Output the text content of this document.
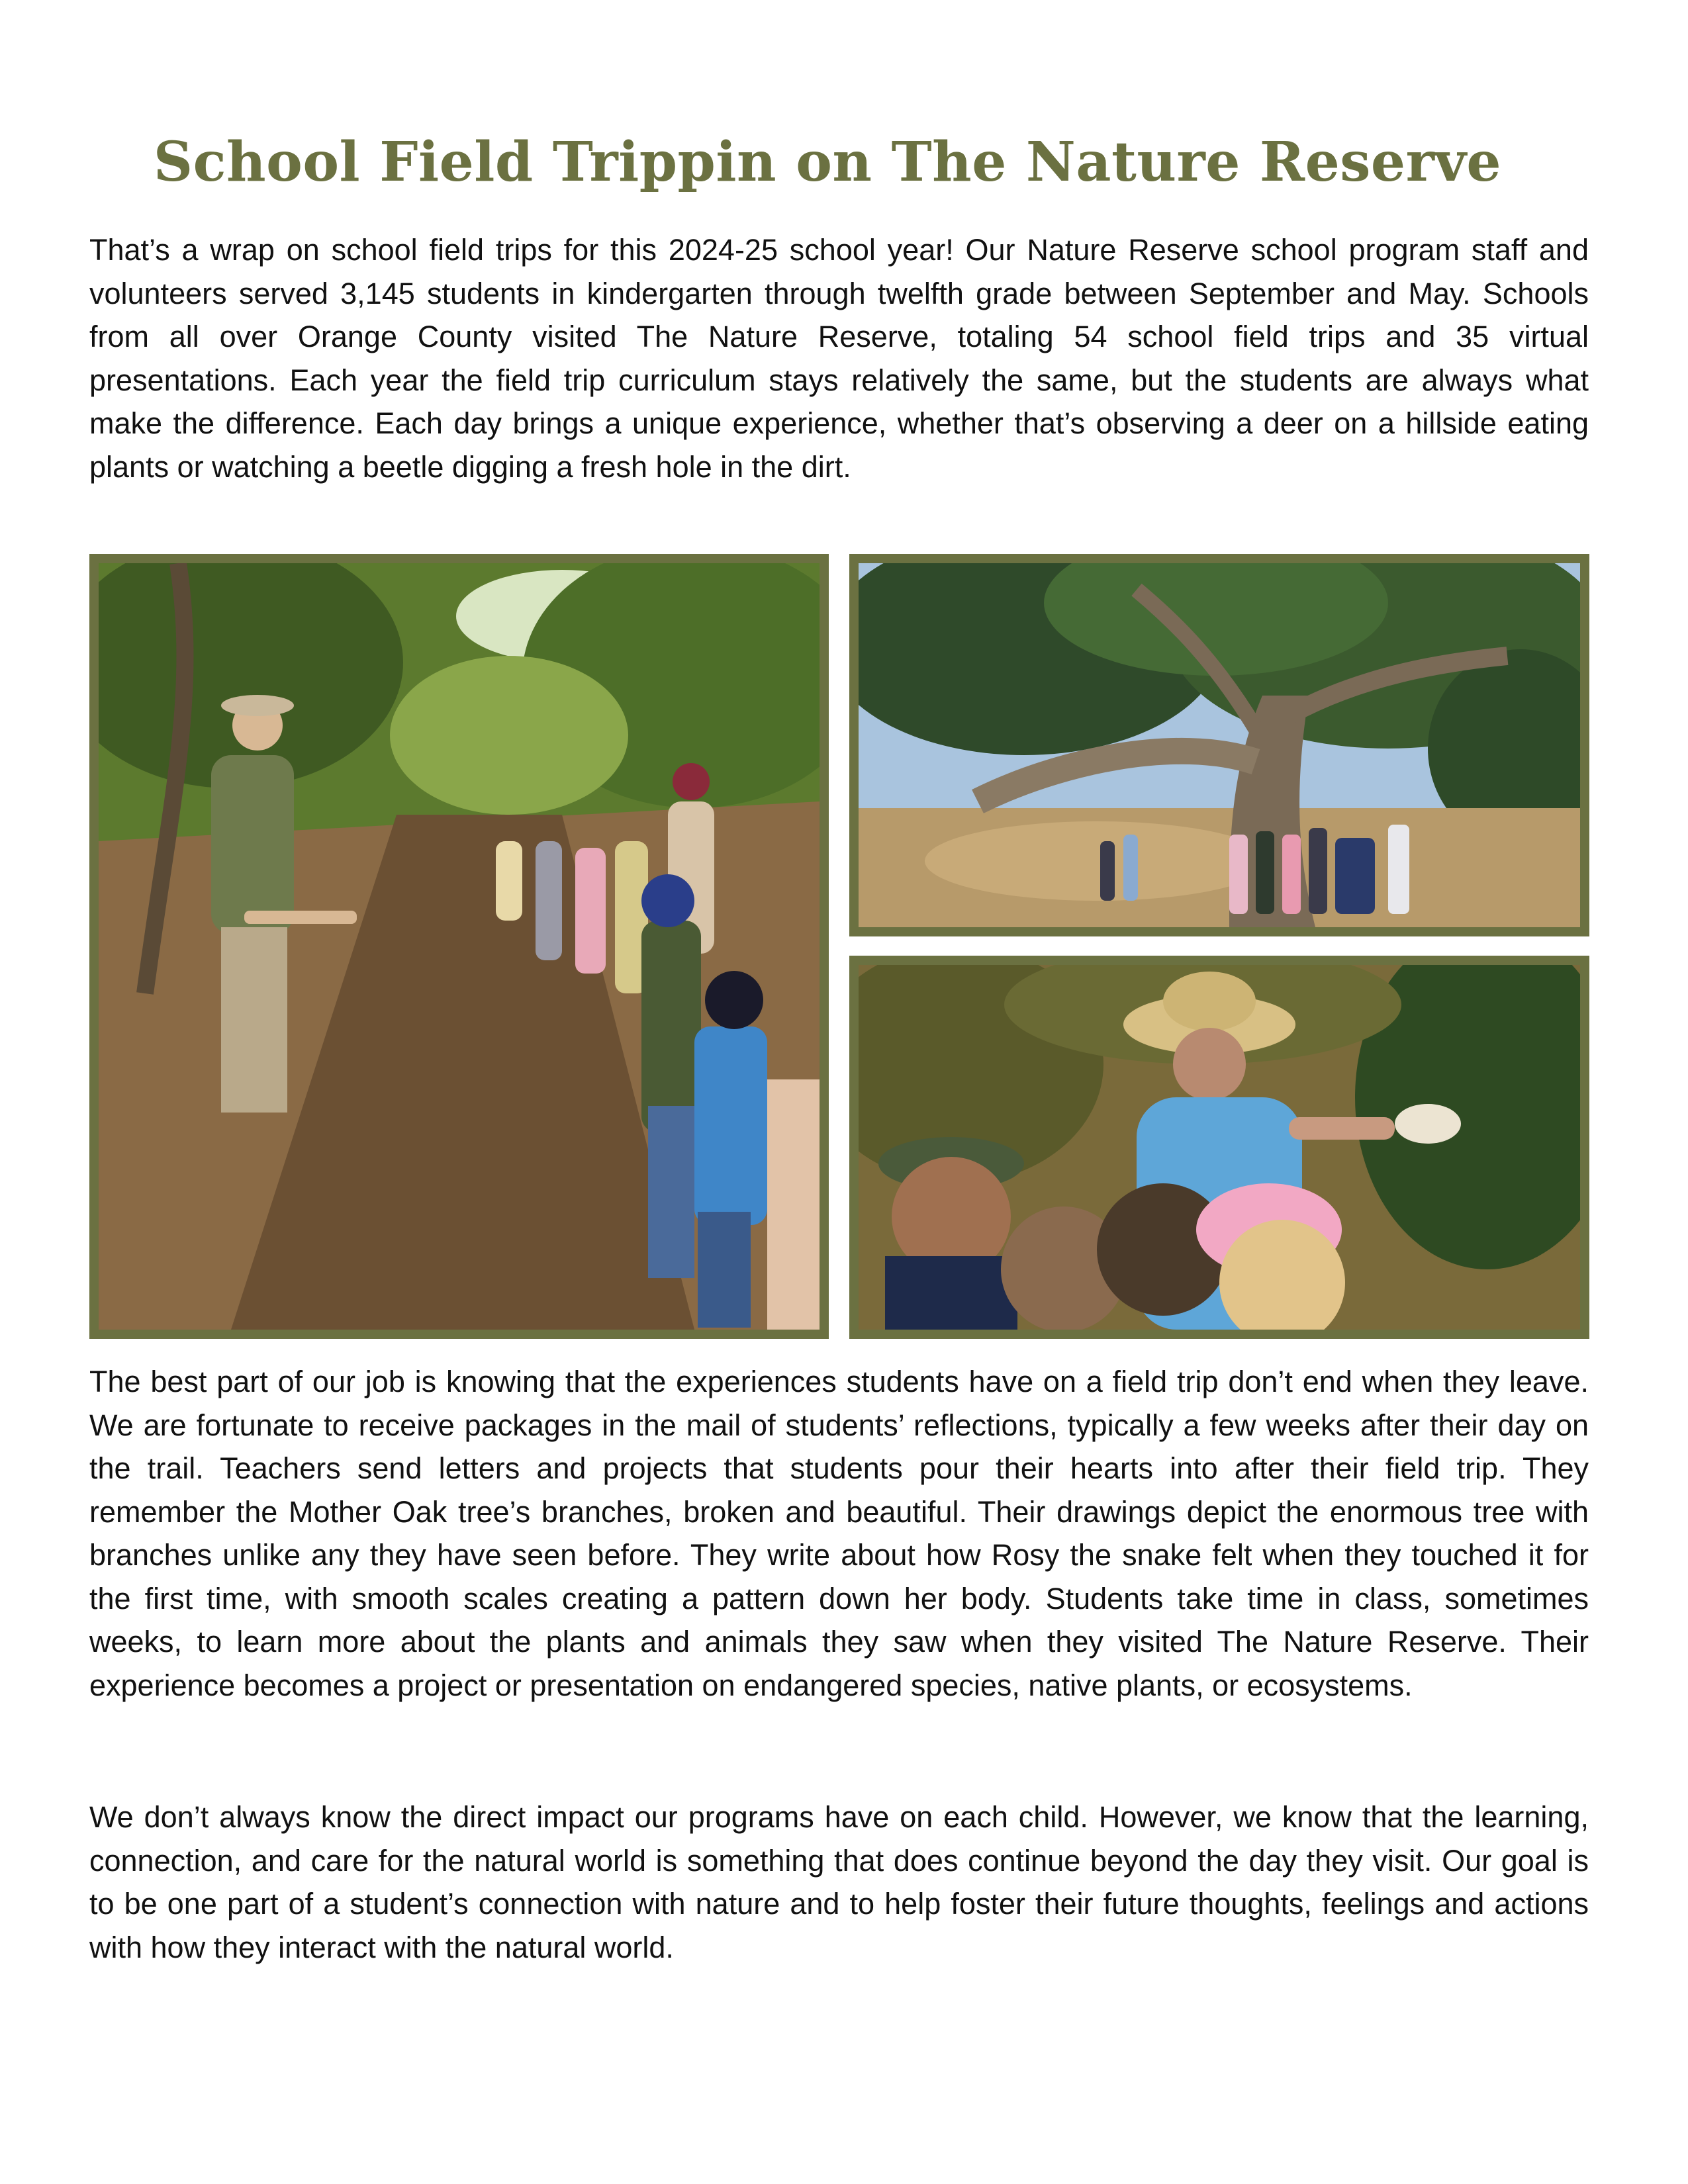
School Field Trippin on The Nature Reserve

That’s a wrap on school field trips for this 2024-25 school year! Our Nature Reserve school program staff and volunteers served 3,145 students in kindergarten through twelfth grade between September and May. Schools from all over Orange County visited The Nature Reserve, totaling 54 school field trips and 35 virtual presentations. Each year the field trip curriculum stays relatively the same, but the students are always what make the difference. Each day brings a unique experience, whether that’s observing a deer on a hillside eating plants or watching a beetle digging a fresh hole in the dirt.

The best part of our job is knowing that the experiences students have on a field trip don’t end when they leave. We are fortunate to receive packages in the mail of students’ reflections, typically a few weeks after their day on the trail. Teachers send letters and projects that students pour their hearts into after their field trip. They remember the Mother Oak tree’s branches, broken and beautiful. Their drawings depict the enormous tree with branches unlike any they have seen before. They write about how Rosy the snake felt when they touched it for the first time, with smooth scales creating a pattern down her body. Students take time in class, sometimes weeks, to learn more about the plants and animals they saw when they visited The Nature Reserve. Their experience becomes a project or presentation on endangered species, native plants, or ecosystems.

We don’t always know the direct impact our programs have on each child. However, we know that the learning, connection, and care for the natural world is something that does continue beyond the day they visit. Our goal is to be one part of a student’s connection with nature and to help foster their future thoughts, feelings and actions with how they interact with the natural world.
